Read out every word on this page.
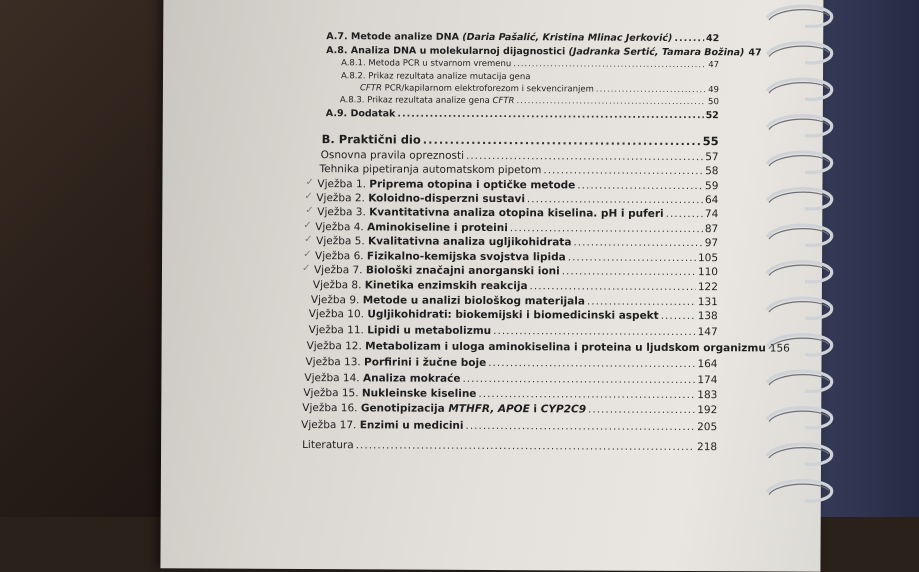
A.7. Metode analize DNA (Daria Pašalić, Kristina Mlinac Jerković) .....	42
A.8. Analiza DNA u molekularnoj dijagnostici (Jadranka Sertić, Tamara Božina) ..... 47
A.8.1. Metoda PCR u stvarnom vremenu .....	47
A.8.2. Prikaz rezultata analize mutacija gena
CFTR PCR/kapilarnom elektroforezom i sekvenciranjem .....	49
A.8.3. Prikaz rezultata analize gena CFTR .....	50
A.9. Dodatak .....	52
B. Praktični dio .....	55
Osnovna pravila opreznosti .....	57
Tehnika pipetiranja automatskom pipetom .....	58
Vježba 1. Priprema otopina i optičke metode .....	59
✓
Vježba 2. Koloidno-disperzni sustavi .....	64
✓
Vježba 3. Kvantitativna analiza otopina kiselina. pH i puferi .....	74
✓
Vježba 4. Aminokiseline i proteini .....	87
✓
Vježba 5. Kvalitativna analiza ugljikohidrata .....	97
✓
Vježba 6. Fizikalno-kemijska svojstva lipida .....	105
✓
Vježba 7. Biološki značajni anorganski ioni .....	110
✓
Vježba 8. Kinetika enzimskih reakcija .....	122
Vježba 9. Metode u analizi biološkog materijala .....	131
Vježba 10. Ugljikohidrati: biokemijski i biomedicinski aspekt .....	138
Vježba 11. Lipidi u metabolizmu .....	147
Vježba 12. Metabolizam i uloga aminokiselina i proteina u ljudskom organizmu ..... 156
Vježba 13. Porfirini i žučne boje .....	164
Vježba 14. Analiza mokraće .....	174
Vježba 15. Nukleinske kiseline .....	183
Vježba 16. Genotipizacija MTHFR, APOE i CYP2C9 .....	192
Vježba 17. Enzimi u medicini .....	205
Literatura .....	218
